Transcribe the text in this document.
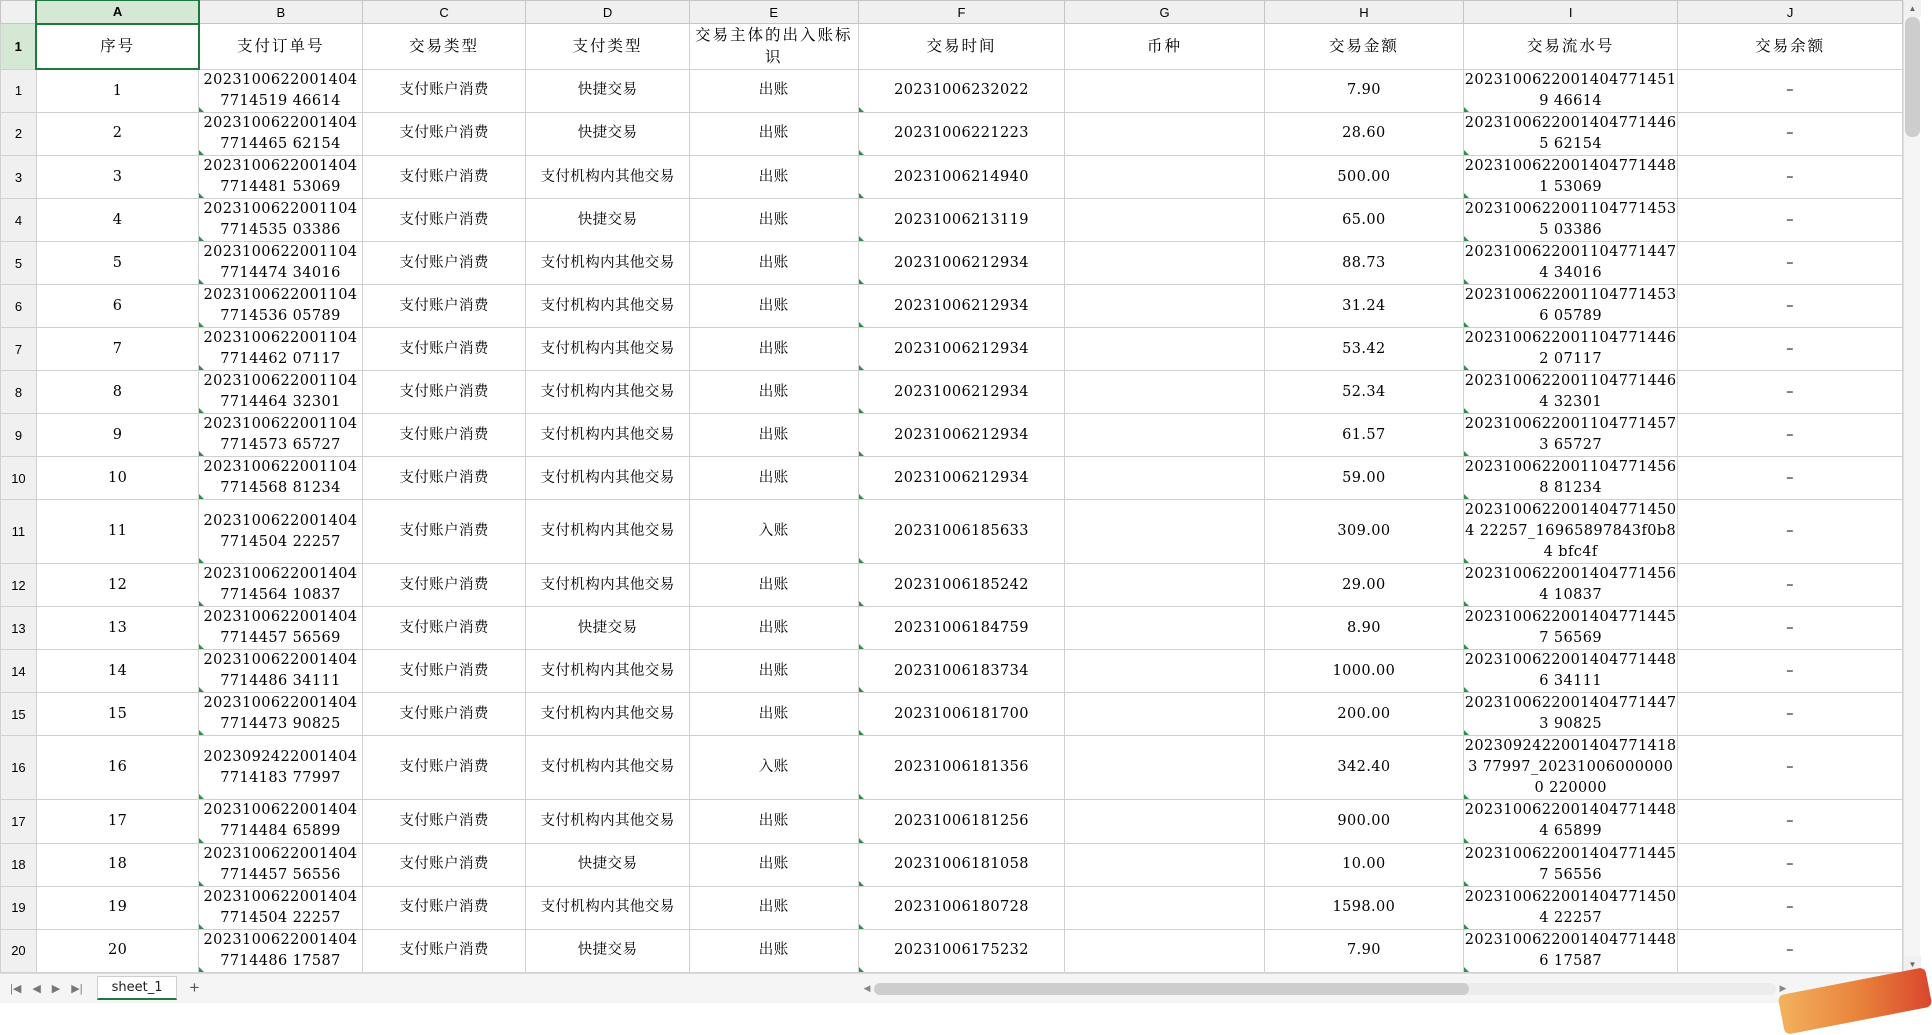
	A	B	C	D	E	F	G	H	I	J
1	序号	支付订单号	交易类型	支付类型	交易主体的出入账标识	交易时间	币种	交易金额	交易流水号	交易余额
1	1	20231006220014047714519 46614	支付账户消费	快捷交易	出账	20231006232022		7.90	20231006220014047714519 46614	–
2	2	20231006220014047714465 62154	支付账户消费	快捷交易	出账	20231006221223		28.60	20231006220014047714465 62154	–
3	3	20231006220014047714481 53069	支付账户消费	支付机构内其他交易	出账	20231006214940		500.00	20231006220014047714481 53069	–
4	4	20231006220011047714535 03386	支付账户消费	快捷交易	出账	20231006213119		65.00	20231006220011047714535 03386	–
5	5	20231006220011047714474 34016	支付账户消费	支付机构内其他交易	出账	20231006212934		88.73	20231006220011047714474 34016	–
6	6	20231006220011047714536 05789	支付账户消费	支付机构内其他交易	出账	20231006212934		31.24	20231006220011047714536 05789	–
7	7	20231006220011047714462 07117	支付账户消费	支付机构内其他交易	出账	20231006212934		53.42	20231006220011047714462 07117	–
8	8	20231006220011047714464 32301	支付账户消费	支付机构内其他交易	出账	20231006212934		52.34	20231006220011047714464 32301	–
9	9	20231006220011047714573 65727	支付账户消费	支付机构内其他交易	出账	20231006212934		61.57	20231006220011047714573 65727	–
10	10	20231006220011047714568 81234	支付账户消费	支付机构内其他交易	出账	20231006212934		59.00	20231006220011047714568 81234	–
11	11	20231006220014047714504 22257	支付账户消费	支付机构内其他交易	入账	20231006185633		309.00	20231006220014047714504 22257_16965897843f0b84 bfc4f	–
12	12	20231006220014047714564 10837	支付账户消费	支付机构内其他交易	出账	20231006185242		29.00	20231006220014047714564 10837	–
13	13	20231006220014047714457 56569	支付账户消费	快捷交易	出账	20231006184759		8.90	20231006220014047714457 56569	–
14	14	20231006220014047714486 34111	支付账户消费	支付机构内其他交易	出账	20231006183734		1000.00	20231006220014047714486 34111	–
15	15	20231006220014047714473 90825	支付账户消费	支付机构内其他交易	出账	20231006181700		200.00	20231006220014047714473 90825	–
16	16	20230924220014047714183 77997	支付账户消费	支付机构内其他交易	入账	20231006181356		342.40	20230924220014047714183 77997_202310060000000 220000	–
17	17	20231006220014047714484 65899	支付账户消费	支付机构内其他交易	出账	20231006181256		900.00	20231006220014047714484 65899	–
18	18	20231006220014047714457 56556	支付账户消费	快捷交易	出账	20231006181058		10.00	20231006220014047714457 56556	–
19	19	20231006220014047714504 22257	支付账户消费	支付机构内其他交易	出账	20231006180728		1598.00	20231006220014047714504 22257	–
20	20	20231006220014047714486 17587	支付账户消费	快捷交易	出账	20231006175232		7.90	20231006220014047714486 17587	–
▲
▼
|◀ ◀ ▶ ▶|	sheet_1	+	◀	▶
